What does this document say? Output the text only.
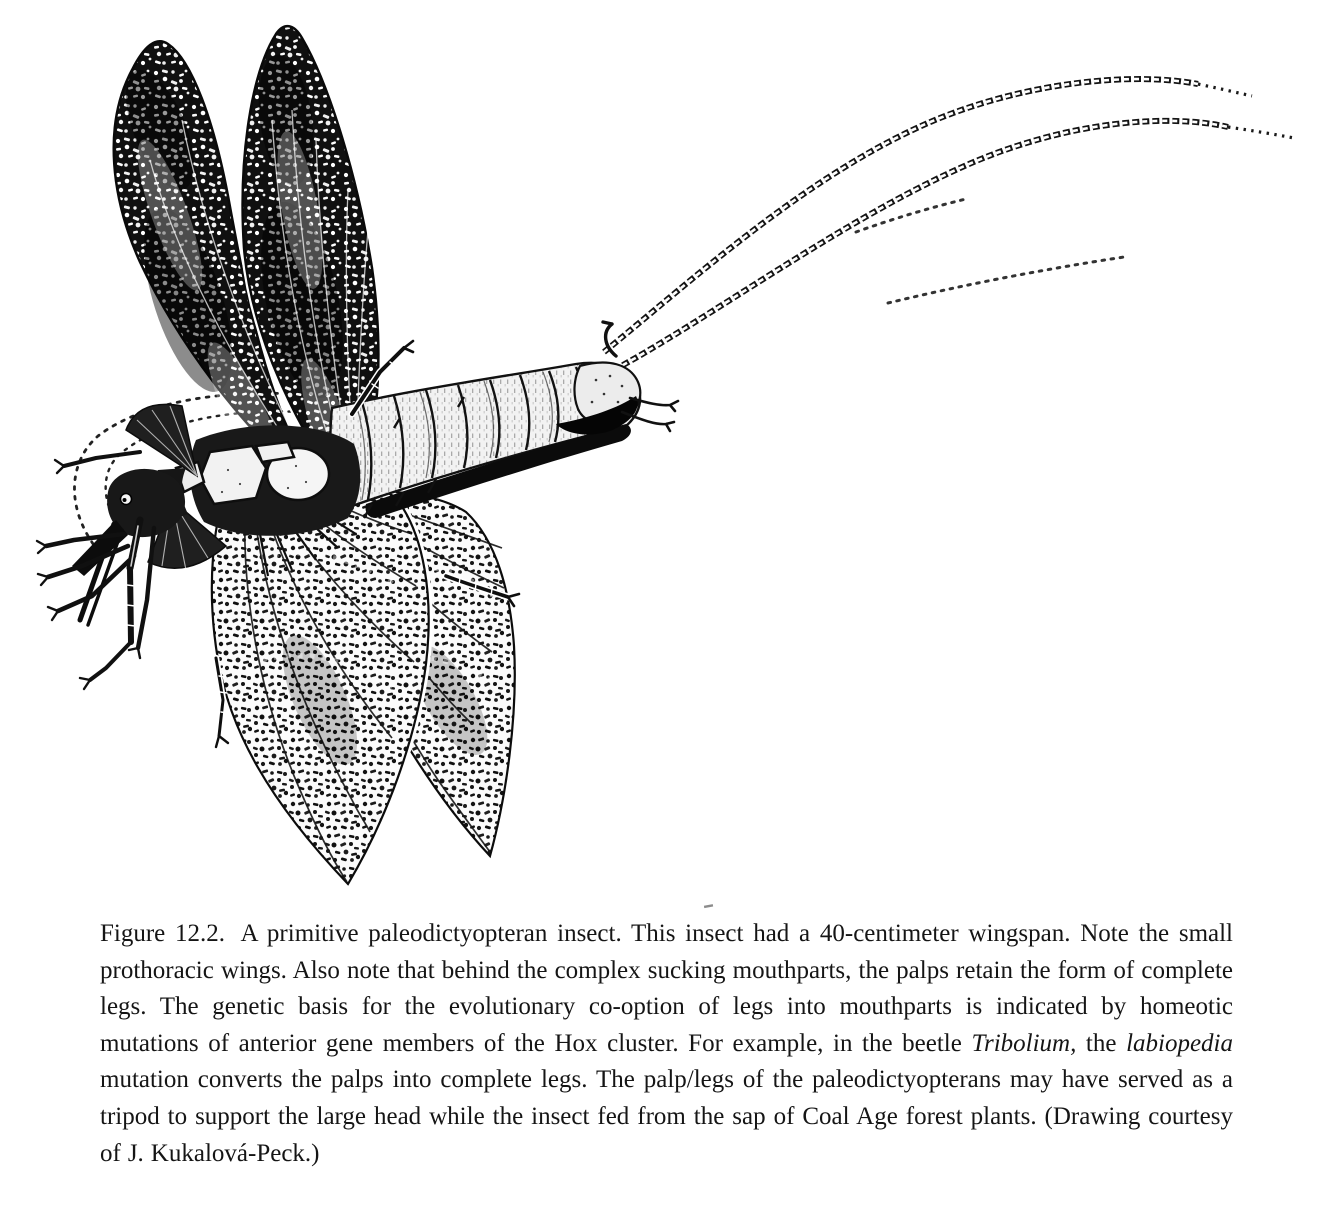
Figure 12.2. A primitive paleodictyopteran insect. This insect had a 40-centimeter wingspan. Note the small prothoracic wings. Also note that behind the complex sucking mouthparts, the palps retain the form of complete legs. The genetic basis for the evolutionary co-option of legs into mouthparts is indicated by homeotic mutations of anterior gene members of the Hox cluster. For example, in the beetle Tribolium, the labiopedia mutation converts the palps into complete legs. The palp/legs of the paleodictyopterans may have served as a tripod to support the large head while the insect fed from the sap of Coal Age forest plants. (Drawing courtesy of J. Kukalová-Peck.)
